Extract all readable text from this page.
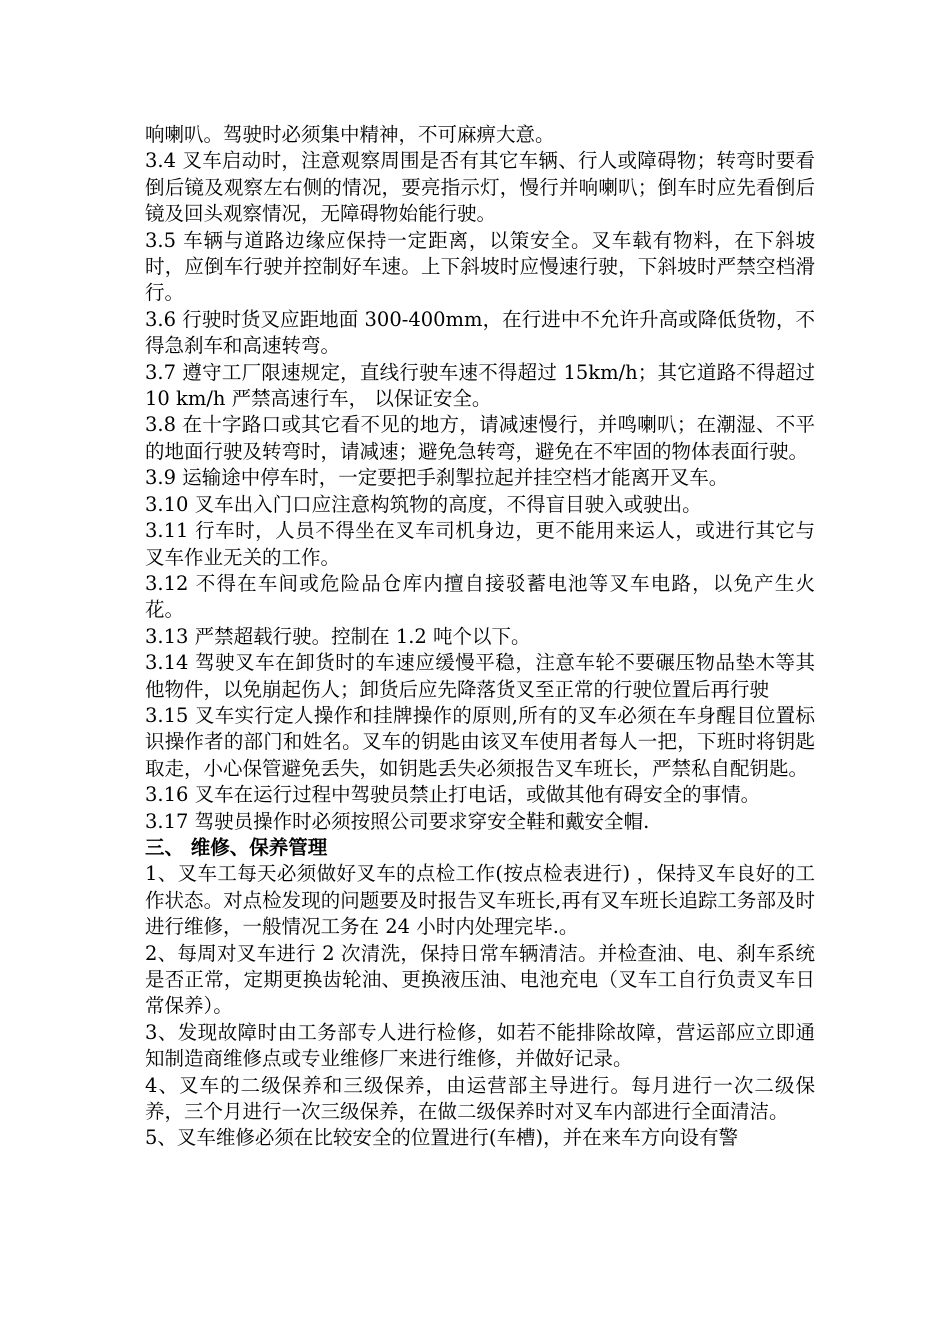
响喇叭。驾驶时必须集中精神，不可麻痹大意。

3.4 叉车启动时，注意观察周围是否有其它车辆、行人或障碍物；转弯时要看倒后镜及观察左右侧的情况，要亮指示灯，慢行并响喇叭；倒车时应先看倒后镜及回头观察情况，无障碍物始能行驶。

3.5 车辆与道路边缘应保持一定距离，以策安全。叉车载有物料，在下斜坡时，应倒车行驶并控制好车速。上下斜坡时应慢速行驶，下斜坡时严禁空档滑行。

3.6 行驶时货叉应距地面 300-400mm，在行进中不允许升高或降低货物，不得急刹车和高速转弯。

3.7 遵守工厂限速规定，直线行驶车速不得超过 15km/h；其它道路不得超过 10 km/h 严禁高速行车， 以保证安全。

3.8 在十字路口或其它看不见的地方，请减速慢行，并鸣喇叭；在潮湿、不平的地面行驶及转弯时，请减速；避免急转弯，避免在不牢固的物体表面行驶。

3.9 运输途中停车时，一定要把手刹掣拉起并挂空档才能离开叉车。

3.10 叉车出入门口应注意构筑物的高度，不得盲目驶入或驶出。

3.11 行车时，人员不得坐在叉车司机身边，更不能用来运人，或进行其它与叉车作业无关的工作。

3.12 不得在车间或危险品仓库内擅自接驳蓄电池等叉车电路，以免产生火花。

3.13 严禁超载行驶。控制在 1.2 吨个以下。

3.14 驾驶叉车在卸货时的车速应缓慢平稳，注意车轮不要碾压物品垫木等其他物件，以免崩起伤人；卸货后应先降落货叉至正常的行驶位置后再行驶

3.15 叉车实行定人操作和挂牌操作的原则,所有的叉车必须在车身醒目位置标识操作者的部门和姓名。叉车的钥匙由该叉车使用者每人一把，下班时将钥匙取走，小心保管避免丢失，如钥匙丢失必须报告叉车班长，严禁私自配钥匙。

3.16 叉车在运行过程中驾驶员禁止打电话，或做其他有碍安全的事情。

3.17 驾驶员操作时必须按照公司要求穿安全鞋和戴安全帽.

三、 维修、保养管理

1、叉车工每天必须做好叉车的点检工作(按点检表进行) ，保持叉车良好的工作状态。对点检发现的问题要及时报告叉车班长,再有叉车班长追踪工务部及时进行维修，一般情况工务在 24 小时内处理完毕.。

2、每周对叉车进行 2 次清洗，保持日常车辆清洁。并检查油、电、刹车系统是否正常，定期更换齿轮油、更换液压油、电池充电（叉车工自行负责叉车日常保养）。

3、发现故障时由工务部专人进行检修，如若不能排除故障，营运部应立即通知制造商维修点或专业维修厂来进行维修，并做好记录。

4、叉车的二级保养和三级保养，由运营部主导进行。每月进行一次二级保养，三个月进行一次三级保养，在做二级保养时对叉车内部进行全面清洁。

5、叉车维修必须在比较安全的位置进行(车槽)，并在来车方向设有警
